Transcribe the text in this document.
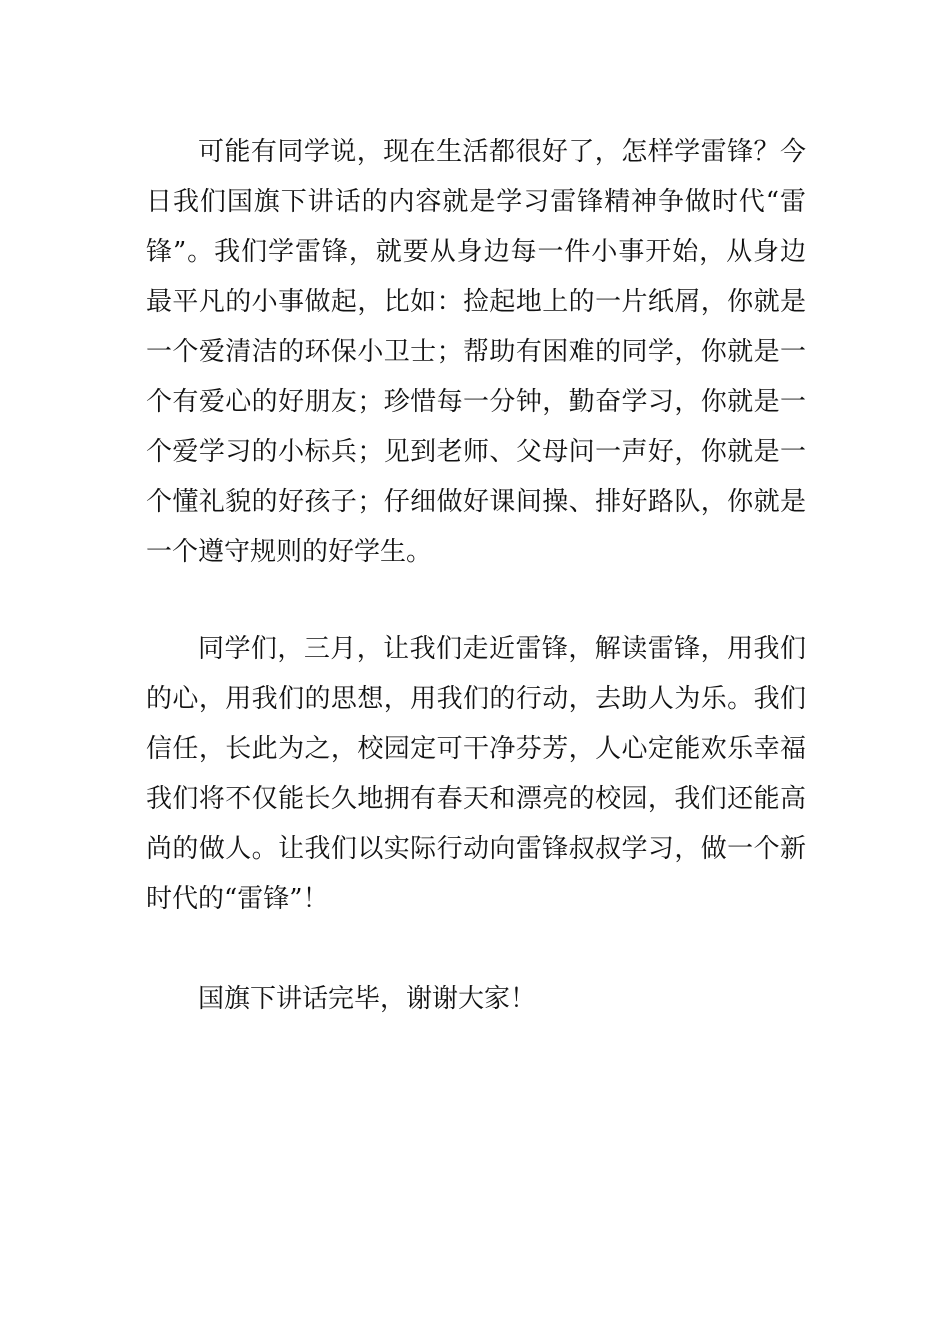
可能有同学说，现在生活都很好了，怎样学雷锋？今
日我们国旗下讲话的内容就是学习雷锋精神争做时代“雷
锋”。我们学雷锋，就要从身边每一件小事开始，从身边
最平凡的小事做起，比如：捡起地上的一片纸屑，你就是
一个爱清洁的环保小卫士；帮助有困难的同学，你就是一
个有爱心的好朋友；珍惜每一分钟，勤奋学习，你就是一
个爱学习的小标兵；见到老师、父母问一声好，你就是一
个懂礼貌的好孩子；仔细做好课间操、排好路队，你就是
一个遵守规则的好学生。

同学们，三月，让我们走近雷锋，解读雷锋，用我们
的心，用我们的思想，用我们的行动，去助人为乐。我们
信任，长此为之，校园定可干净芬芳，人心定能欢乐幸福
我们将不仅能长久地拥有春天和漂亮的校园，我们还能高
尚的做人。让我们以实际行动向雷锋叔叔学习，做一个新
时代的“雷锋”！

国旗下讲话完毕，谢谢大家！
